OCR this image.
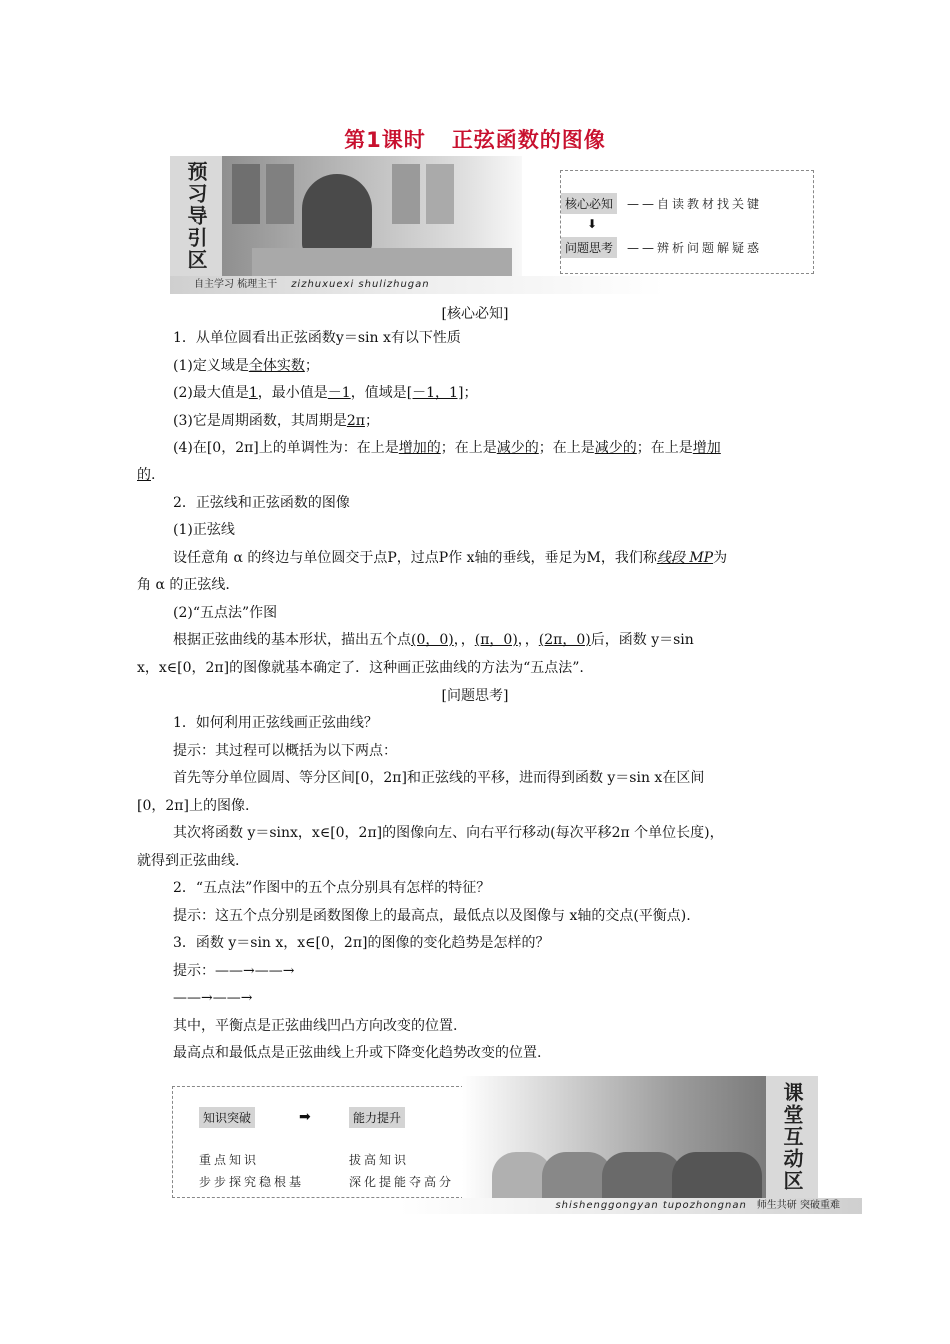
第1课时 正弦函数的图像
预习导引区
自主学习 梳理主干 zizhuxuexi shulizhugan
核心必知	——自读教材找关键
⬇
问题思考	——辨析问题解疑惑
[核心必知]
1．从单位圆看出正弦函数y＝sin x有以下性质
(1)定义域是全体实数；
(2)最大值是1，最小值是－1，值域是[－1，1]；
(3)它是周期函数，其周期是2π；
(4)在[0，2π]上的单调性为：在上是增加的；在上是减少的；在上是减少的；在上是增加
的.
2．正弦线和正弦函数的图像
(1)正弦线
设任意角 α 的终边与单位圆交于点P，过点P作 x轴的垂线，垂足为M，我们称线段 MP为
角 α 的正弦线.
(2)“五点法”作图
根据正弦曲线的基本形状，描出五个点(0，0)，，(π，0)，，(2π，0)后，函数 y＝sin
x，x∈[0，2π]的图像就基本确定了．这种画正弦曲线的方法为“五点法”.
[问题思考]
1．如何利用正弦线画正弦曲线？
提示：其过程可以概括为以下两点：
首先等分单位圆周、等分区间[0，2π]和正弦线的平移，进而得到函数 y＝sin x在区间
[0，2π]上的图像.
其次将函数 y＝sinx，x∈[0，2π]的图像向左、向右平行移动(每次平移2π 个单位长度)，
就得到正弦曲线.
2．“五点法”作图中的五个点分别具有怎样的特征？
提示：这五个点分别是函数图像上的最高点，最低点以及图像与 x轴的交点(平衡点).
3．函数 y＝sin x，x∈[0，2π]的图像的变化趋势是怎样的？
提示：——→——→
——→——→
其中，平衡点是正弦曲线凹凸方向改变的位置.
最高点和最低点是正弦曲线上升或下降变化趋势改变的位置.
知识突破	➡	能力提升
重点知识
步步探究稳根基
拔高知识
深化提能夺高分	课堂互动区
shishenggongyan tupozhongnan 师生共研 突破重难
